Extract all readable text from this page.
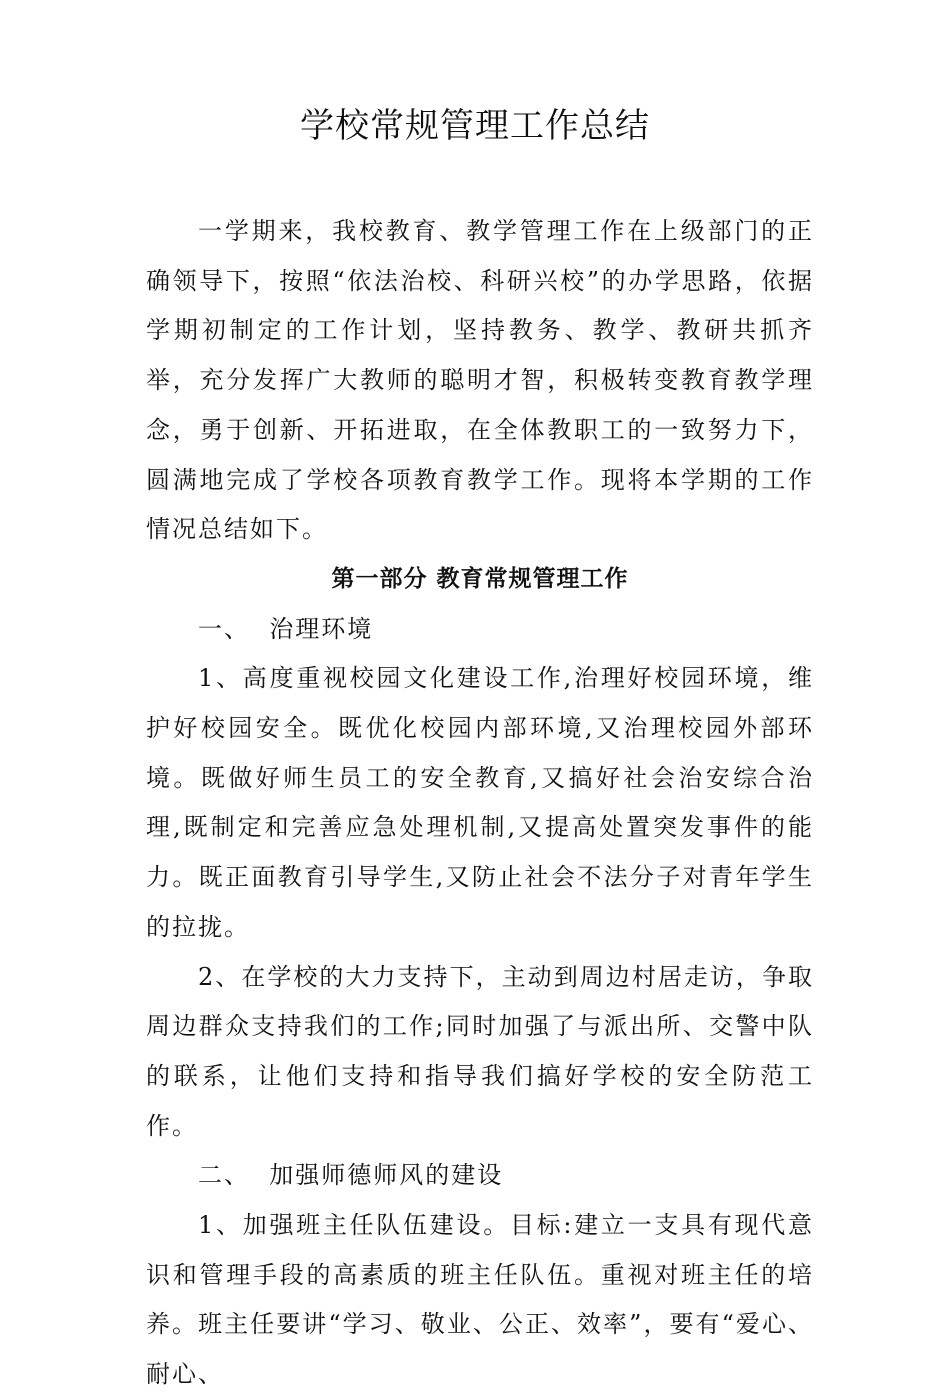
学校常规管理工作总结

一学期来，我校教育、教学管理工作在上级部门的正确领导下，按照“依法治校、科研兴校”的办学思路，依据学期初制定的工作计划，坚持教务、教学、教研共抓齐举，充分发挥广大教师的聪明才智，积极转变教育教学理念，勇于创新、开拓进取，在全体教职工的一致努力下，圆满地完成了学校各项教育教学工作。现将本学期的工作情况总结如下。

第一部分 教育常规管理工作

一、  治理环境

1、高度重视校园文化建设工作,治理好校园环境，维护好校园安全。既优化校园内部环境,又治理校园外部环境。既做好师生员工的安全教育,又搞好社会治安综合治理,既制定和完善应急处理机制,又提高处置突发事件的能力。既正面教育引导学生,又防止社会不法分子对青年学生的拉拢。

2、在学校的大力支持下，主动到周边村居走访，争取周边群众支持我们的工作;同时加强了与派出所、交警中队的联系，让他们支持和指导我们搞好学校的安全防范工作。

二、  加强师德师风的建设

1、加强班主任队伍建设。目标:建立一支具有现代意识和管理手段的高素质的班主任队伍。重视对班主任的培养。班主任要讲“学习、敬业、公正、效率”，要有“爱心、耐心、
